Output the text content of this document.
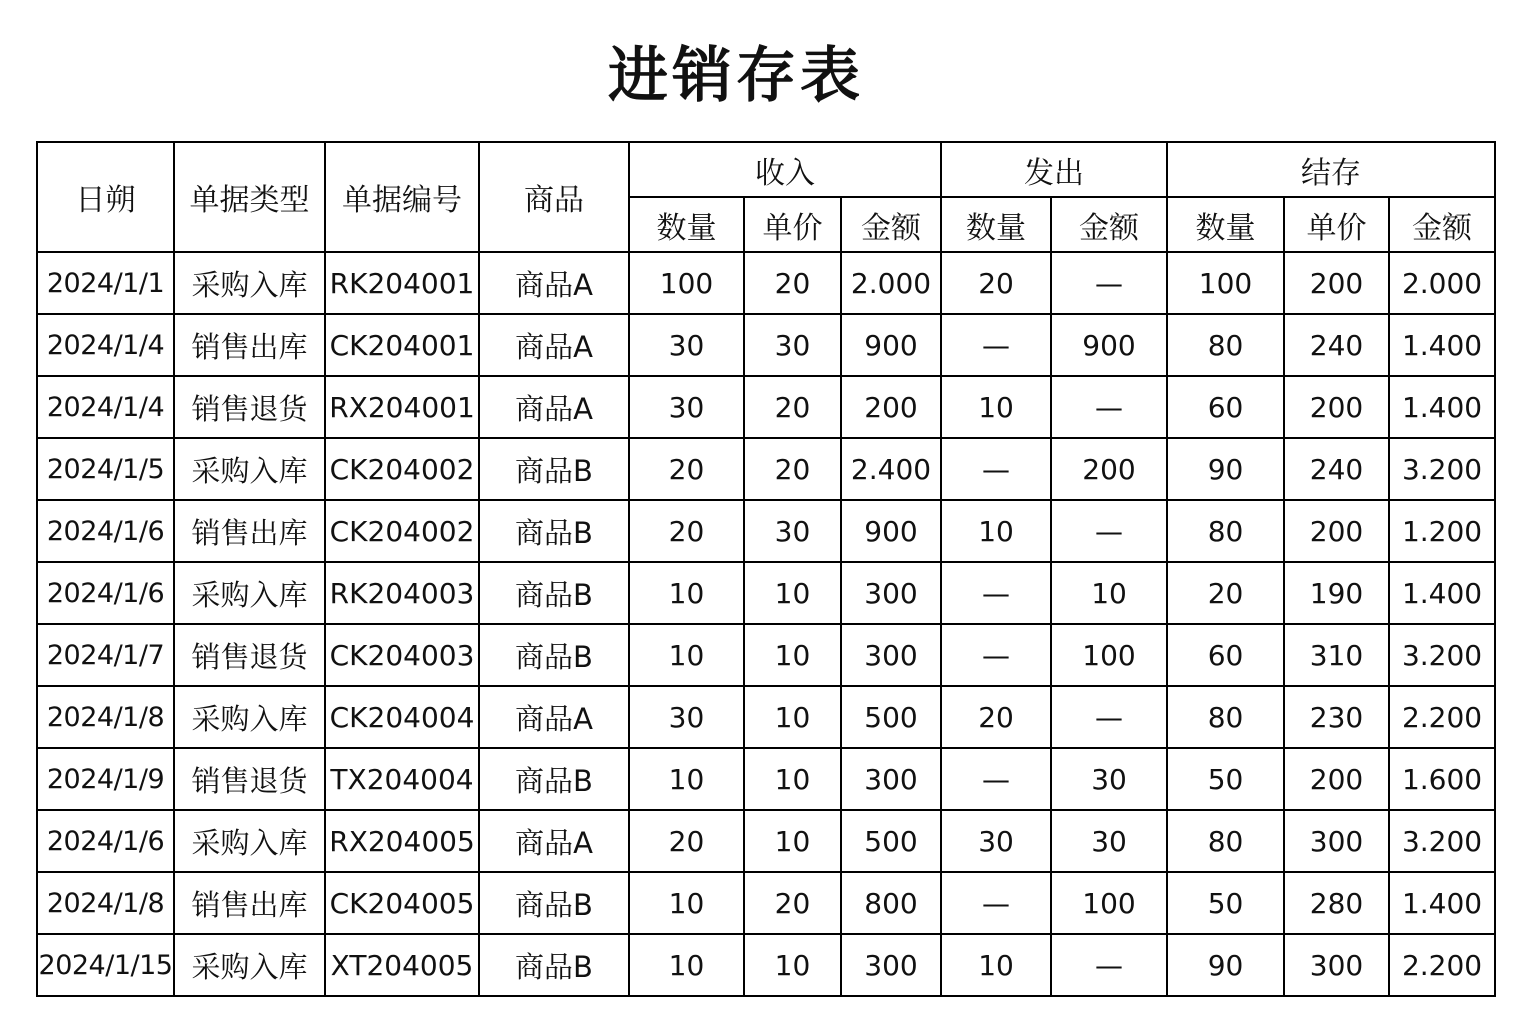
进销存表
日朔	单据类型	单据编号	商品	收入			发出		结存		
				数量	单价	金额	数量	金额	数量	单价	金额
2024/1/1	采购入库	RK204001	商品A	100	20	2.000	20	—	100	200	2.000
2024/1/4	销售出库	CK204001	商品A	30	30	900	—	900	80	240	1.400
2024/1/4	销售退货	RX204001	商品A	30	20	200	10	—	60	200	1.400
2024/1/5	采购入库	CK204002	商品B	20	20	2.400	—	200	90	240	3.200
2024/1/6	销售出库	CK204002	商品B	20	30	900	10	—	80	200	1.200
2024/1/6	采购入库	RK204003	商品B	10	10	300	—	10	20	190	1.400
2024/1/7	销售退货	CK204003	商品B	10	10	300	—	100	60	310	3.200
2024/1/8	采购入库	CK204004	商品A	30	10	500	20	—	80	230	2.200
2024/1/9	销售退货	TX204004	商品B	10	10	300	—	30	50	200	1.600
2024/1/6	采购入库	RX204005	商品A	20	10	500	30	30	80	300	3.200
2024/1/8	销售出库	CK204005	商品B	10	20	800	—	100	50	280	1.400
2024/1/15	采购入库	XT204005	商品B	10	10	300	10	—	90	300	2.200
